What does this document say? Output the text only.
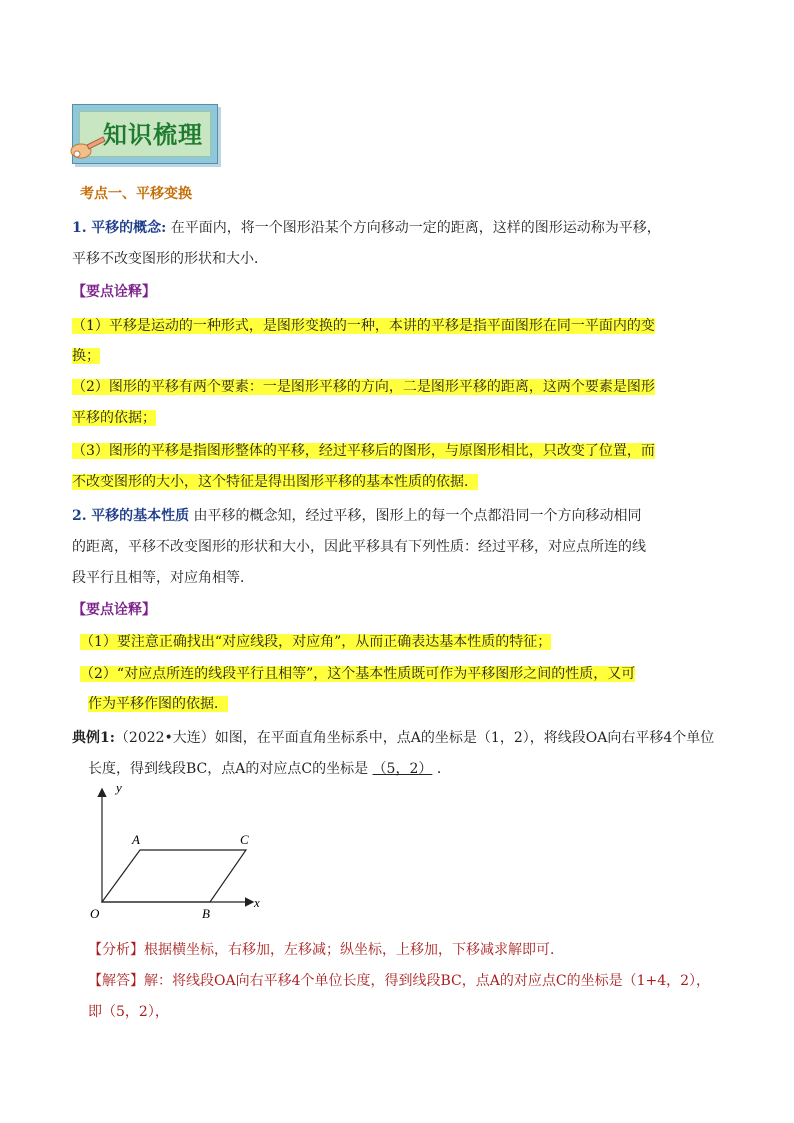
知识梳理
考点一、平移变换
1. 平移的概念: 在平面内，将一个图形沿某个方向移动一定的距离，这样的图形运动称为平移，
平移不改变图形的形状和大小．
【要点诠释】
（1）平移是运动的一种形式，是图形变换的一种，本讲的平移是指平面图形在同一平面内的变
换；
（2）图形的平移有两个要素：一是图形平移的方向，二是图形平移的距离，这两个要素是图形
平移的依据；
（3）图形的平移是指图形整体的平移，经过平移后的图形，与原图形相比，只改变了位置，而
不改变图形的大小，这个特征是得出图形平移的基本性质的依据．
2. 平移的基本性质 由平移的概念知，经过平移，图形上的每一个点都沿同一个方向移动相同
的距离，平移不改变图形的形状和大小，因此平移具有下列性质：经过平移，对应点所连的线
段平行且相等，对应角相等．
【要点诠释】
（1）要注意正确找出“对应线段，对应角”，从而正确表达基本性质的特征；
（2）“对应点所连的线段平行且相等”，这个基本性质既可作为平移图形之间的性质，又可
作为平移作图的依据．
典例1:（2022•大连）如图，在平面直角坐标系中，点A的坐标是（1，2），将线段OA向右平移4个单位
长度，得到线段BC，点A的对应点C的坐标是 （5，2） ．
y
x
A	C
O	B
【分析】根据横坐标，右移加，左移减；纵坐标，上移加，下移减求解即可．
【解答】解：将线段OA向右平移4个单位长度，得到线段BC，点A的对应点C的坐标是（1+4，2），
即（5，2），
